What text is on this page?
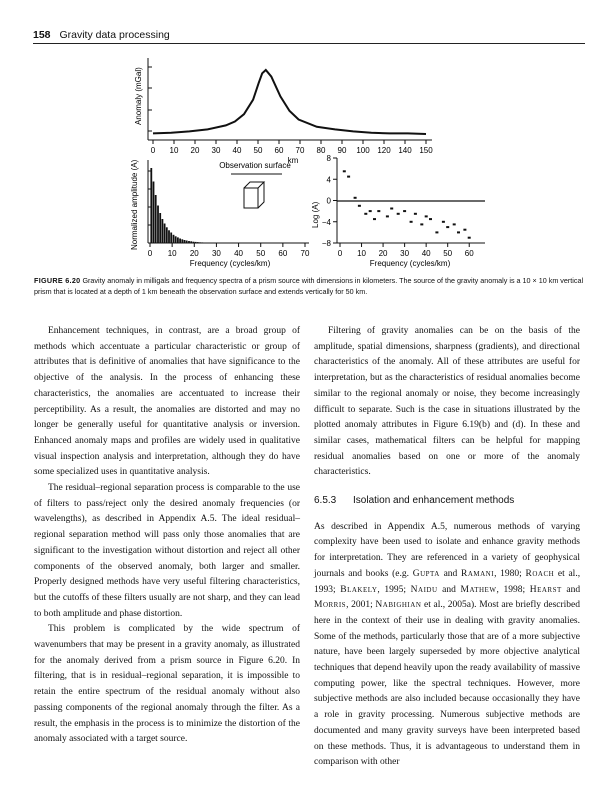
158 Gravity data processing
Anomaly (mGal)
0 10 20 30 40 50 60 70 80 90 100 120 140 150
km
Normalized amplitude (A)
0 10 20 30 40 50 60 70
Frequency (cycles/km)
Observation surface
Log (A)
8
4
0
−4
−8
0 10 20 30 40 50 60
Frequency (cycles/km)
FIGURE 6.20 Gravity anomaly in milligals and frequency spectra of a prism source with dimensions in kilometers. The source of the gravity anomaly is a 10 × 10 km vertical prism that is located at a depth of 1 km beneath the observation surface and extends vertically for 50 km.

Enhancement techniques, in contrast, are a broad group of methods which accentuate a particular characteristic or group of attributes that is definitive of anomalies that have significance to the objective of the analysis. In the process of enhancing these characteristics, the anomalies are accentuated to increase their perceptibility. As a result, the anomalies are distorted and may no longer be generally useful for quantitative analysis or inversion. Enhanced anomaly maps and profiles are widely used in qualitative visual inspection analysis and interpretation, although they do have some specialized uses in quantitative analysis.

The residual–regional separation process is comparable to the use of filters to pass/reject only the desired anomaly frequencies (or wavelengths), as described in Appendix A.5. The ideal residual–regional separation method will pass only those anomalies that are significant to the investigation without distortion and reject all other components of the observed anomaly, both larger and smaller. Properly designed methods have very useful filtering characteristics, but the cutoffs of these filters usually are not sharp, and they can lead to both amplitude and phase distortion.

This problem is complicated by the wide spectrum of wavenumbers that may be present in a gravity anomaly, as illustrated for the anomaly derived from a prism source in Figure 6.20. In filtering, that is in residual–regional separation, it is impossible to retain the entire spectrum of the residual anomaly without also passing components of the regional anomaly through the filter. As a result, the emphasis in the process is to minimize the distortion of the anomaly associated with a target source.

Filtering of gravity anomalies can be on the basis of the amplitude, spatial dimensions, sharpness (gradients), and directional characteristics of the anomaly. All of these attributes are useful for interpretation, but as the characteristics of residual anomalies become similar to the regional anomaly or noise, they become increasingly difficult to separate. Such is the case in situations illustrated by the plotted anomaly attributes in Figure 6.19(b) and (d). In these and similar cases, mathematical filters can be helpful for mapping residual anomalies based on one or more of the anomaly characteristics.

6.5.3 Isolation and enhancement methods

As described in Appendix A.5, numerous methods of varying complexity have been used to isolate and enhance gravity methods for interpretation. They are referenced in a variety of geophysical journals and books (e.g. Gupta and Ramani, 1980; Roach et al., 1993; Blakely, 1995; Naidu and Mathew, 1998; Hearst and Morris, 2001; Nabighian et al., 2005a). Most are briefly described here in the context of their use in dealing with gravity anomalies. Some of the methods, particularly those that are of a more subjective nature, have been largely superseded by more objective analytical techniques that depend heavily upon the ready availability of massive computing power, like the spectral techniques. However, more subjective methods are also included because occasionally they have a role in gravity processing. Numerous subjective methods are documented and many gravity surveys have been interpreted based on these methods. Thus, it is advantageous to understand them in comparison with other
